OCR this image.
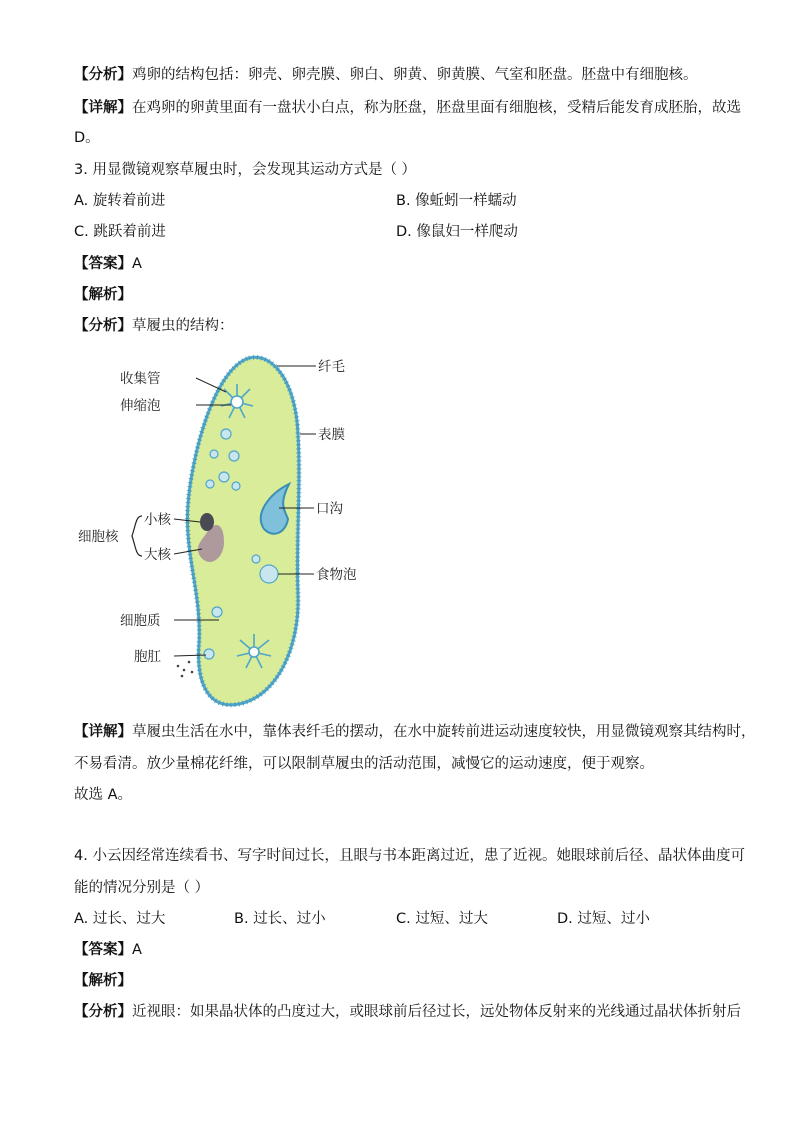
【分析】鸡卵的结构包括：卵壳、卵壳膜、卵白、卵黄、卵黄膜、气室和胚盘。胚盘中有细胞核。
【详解】在鸡卵的卵黄里面有一盘状小白点，称为胚盘，胚盘里面有细胞核，受精后能发育成胚胎，故选
D。
3. 用显微镜观察草履虫时，会发现其运动方式是（ ）
A. 旋转着前进	B. 像蚯蚓一样蠕动
C. 跳跃着前进	D. 像鼠妇一样爬动
【答案】A
【解析】
【分析】草履虫的结构：
纤毛
收集管
伸缩泡
表膜
口沟
小核
细胞核
大核
食物泡
细胞质
胞肛
【详解】草履虫生活在水中，靠体表纤毛的摆动，在水中旋转前进运动速度较快，用显微镜观察其结构时，
不易看清。放少量棉花纤维，可以限制草履虫的活动范围，减慢它的运动速度，便于观察。
故选 A。
4. 小云因经常连续看书、写字时间过长，且眼与书本距离过近，患了近视。她眼球前后径、晶状体曲度可
能的情况分别是（ ）
A. 过长、过大	B. 过长、过小	C. 过短、过大	D. 过短、过小
【答案】A
【解析】
【分析】近视眼：如果晶状体的凸度过大，或眼球前后径过长，远处物体反射来的光线通过晶状体折射后
